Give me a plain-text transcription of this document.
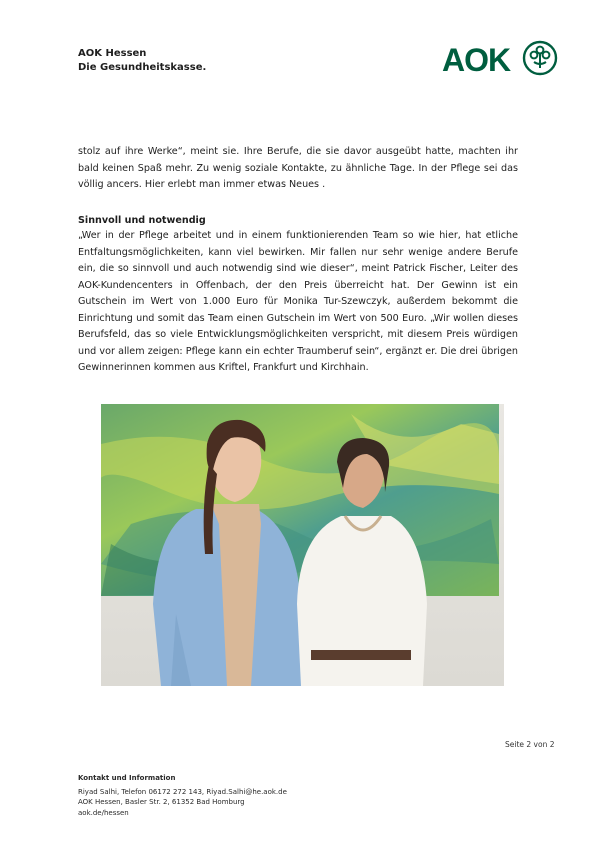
AOK Hessen
Die Gesundheitskasse.	AOK
stolz auf ihre Werke“, meint sie. Ihre Berufe, die sie davor ausgeübt hatte, machten ihr bald keinen Spaß mehr. Zu wenig soziale Kontakte, zu ähnliche Tage. In der Pflege sei das völlig ancers. Hier erlebt man immer etwas Neues .
Sinnvoll und notwendig
„Wer in der Pflege arbeitet und in einem funktionierenden Team so wie hier, hat etliche Entfaltungsmöglichkeiten, kann viel bewirken. Mir fallen nur sehr wenige andere Berufe ein, die so sinnvoll und auch notwendig sind wie dieser“, meint Patrick Fischer, Leiter des AOK-Kundencenters in Offenbach, der den Preis überreicht hat. Der Gewinn ist ein Gutschein im Wert von 1.000 Euro für Monika Tur-Szewczyk, außerdem bekommt die Einrichtung und somit das Team einen Gutschein im Wert von 500 Euro. „Wir wollen dieses Berufsfeld, das so viele Entwicklungsmöglichkeiten verspricht, mit diesem Preis würdigen und vor allem zeigen: Pflege kann ein echter Traumberuf sein“, ergänzt er. Die drei übrigen Gewinnerinnen kommen aus Kriftel, Frankfurt und Kirchhain.
Seite 2 von 2
Kontakt und Information
Riyad Salhi, Telefon 06172 272 143, Riyad.Salhi@he.aok.de
AOK Hessen, Basler Str. 2, 61352 Bad Homburg
aok.de/hessen
